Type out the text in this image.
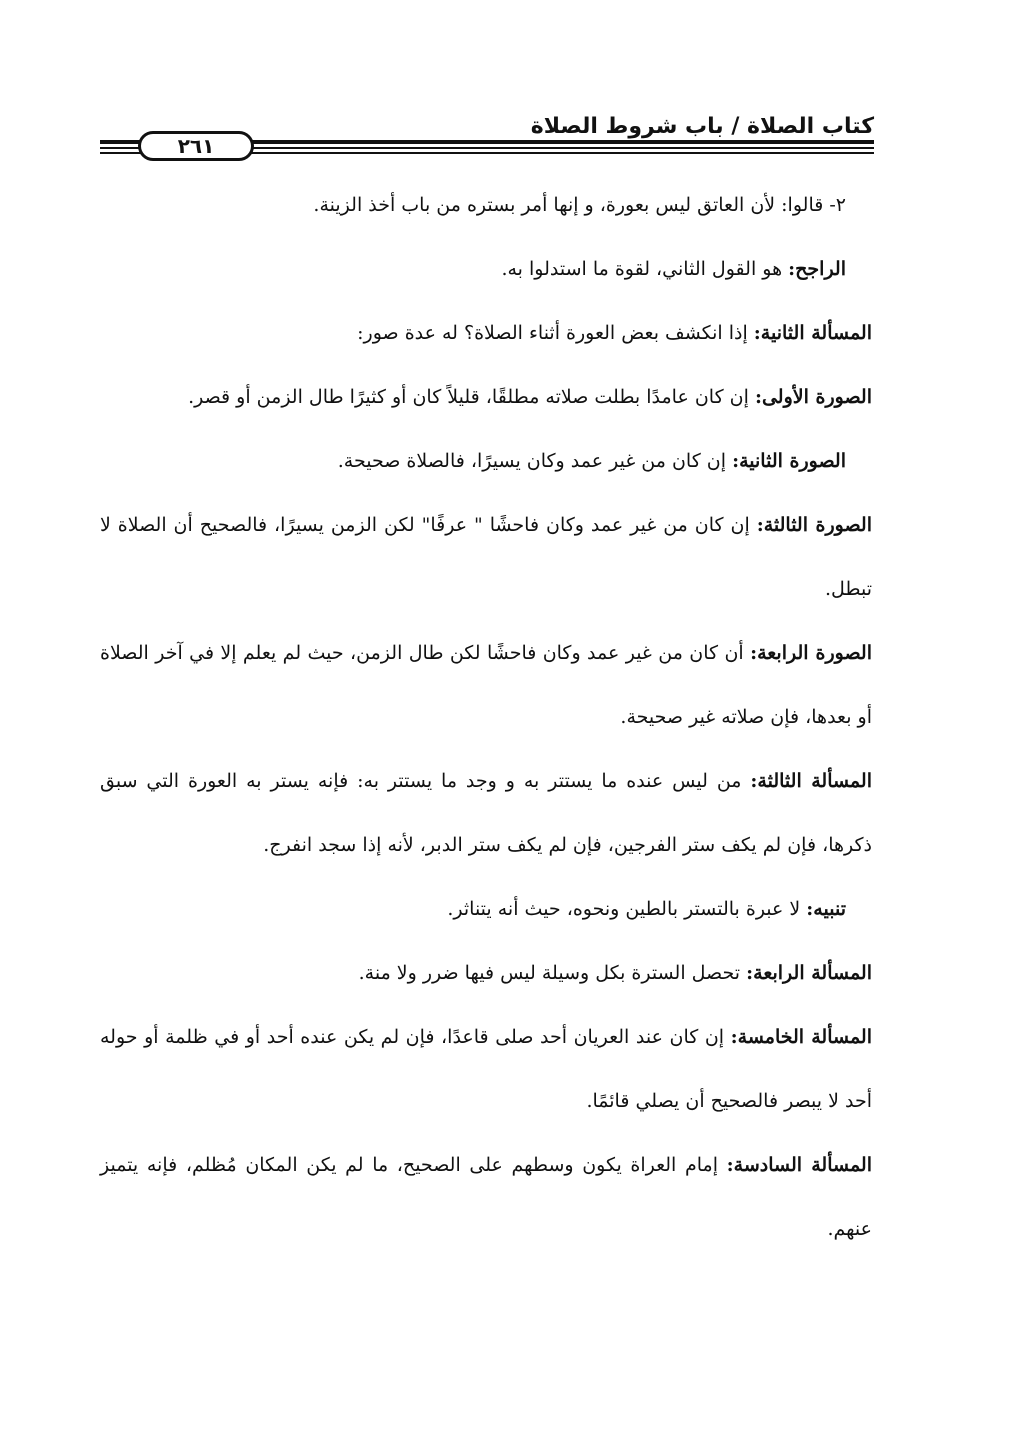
كتاب الصلاة / باب شروط الصلاة
٢٦١

٢- قالوا: لأن العاتق ليس بعورة، و إنها أمر بستره من باب أخذ الزينة.

الراجح: هو القول الثاني، لقوة ما استدلوا به.

المسألة الثانية: إذا انكشف بعض العورة أثناء الصلاة؟ له عدة صور:

الصورة الأولى: إن كان عامدًا بطلت صلاته مطلقًا، قليلاً كان أو كثيرًا طال الزمن أو قصر.

الصورة الثانية: إن كان من غير عمد وكان يسيرًا، فالصلاة صحيحة.

الصورة الثالثة: إن كان من غير عمد وكان فاحشًا " عرفًا" لكن الزمن يسيرًا، فالصحيح أن الصلاة لا تبطل.

الصورة الرابعة: أن كان من غير عمد وكان فاحشًا لكن طال الزمن، حيث لم يعلم إلا في آخر الصلاة أو بعدها، فإن صلاته غير صحيحة.

المسألة الثالثة: من ليس عنده ما يستتر به و وجد ما يستتر به: فإنه يستر به العورة التي سبق ذكرها، فإن لم يكف ستر الفرجين، فإن لم يكف ستر الدبر، لأنه إذا سجد انفرج.

تنبيه: لا عبرة بالتستر بالطين ونحوه، حيث أنه يتناثر.

المسألة الرابعة: تحصل السترة بكل وسيلة ليس فيها ضرر ولا منة.

المسألة الخامسة: إن كان عند العريان أحد صلى قاعدًا، فإن لم يكن عنده أحد أو في ظلمة أو حوله أحد لا يبصر فالصحيح أن يصلي قائمًا.

المسألة السادسة: إمام العراة يكون وسطهم على الصحيح، ما لم يكن المكان مُظلم، فإنه يتميز عنهم.
